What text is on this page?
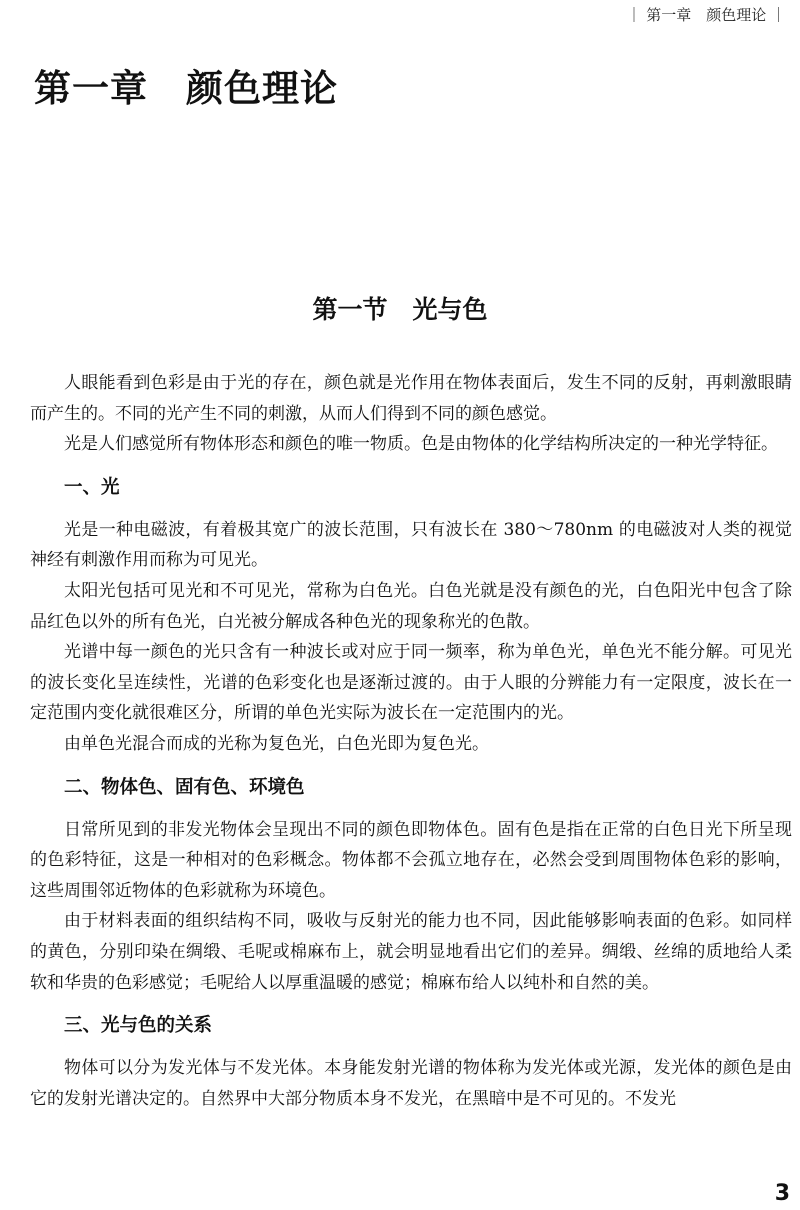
｜ 第一章　颜色理论 ｜
第一章　颜色理论
第一节　光与色

人眼能看到色彩是由于光的存在，颜色就是光作用在物体表面后，发生不同的反射，再刺激眼睛而产生的。不同的光产生不同的刺激，从而人们得到不同的颜色感觉。

光是人们感觉所有物体形态和颜色的唯一物质。色是由物体的化学结构所决定的一种光学特征。

一、光

光是一种电磁波，有着极其宽广的波长范围，只有波长在 380～780nm 的电磁波对人类的视觉神经有刺激作用而称为可见光。

太阳光包括可见光和不可见光，常称为白色光。白色光就是没有颜色的光，白色阳光中包含了除品红色以外的所有色光，白光被分解成各种色光的现象称光的色散。

光谱中每一颜色的光只含有一种波长或对应于同一频率，称为单色光，单色光不能分解。可见光的波长变化呈连续性，光谱的色彩变化也是逐渐过渡的。由于人眼的分辨能力有一定限度，波长在一定范围内变化就很难区分，所谓的单色光实际为波长在一定范围内的光。

由单色光混合而成的光称为复色光，白色光即为复色光。

二、物体色、固有色、环境色

日常所见到的非发光物体会呈现出不同的颜色即物体色。固有色是指在正常的白色日光下所呈现的色彩特征，这是一种相对的色彩概念。物体都不会孤立地存在，必然会受到周围物体色彩的影响，这些周围邻近物体的色彩就称为环境色。

由于材料表面的组织结构不同，吸收与反射光的能力也不同，因此能够影响表面的色彩。如同样的黄色，分别印染在绸缎、毛呢或棉麻布上，就会明显地看出它们的差异。绸缎、丝绵的质地给人柔软和华贵的色彩感觉；毛呢给人以厚重温暖的感觉；棉麻布给人以纯朴和自然的美。

三、光与色的关系

物体可以分为发光体与不发光体。本身能发射光谱的物体称为发光体或光源，发光体的颜色是由它的发射光谱决定的。自然界中大部分物质本身不发光，在黑暗中是不可见的。不发光

3
